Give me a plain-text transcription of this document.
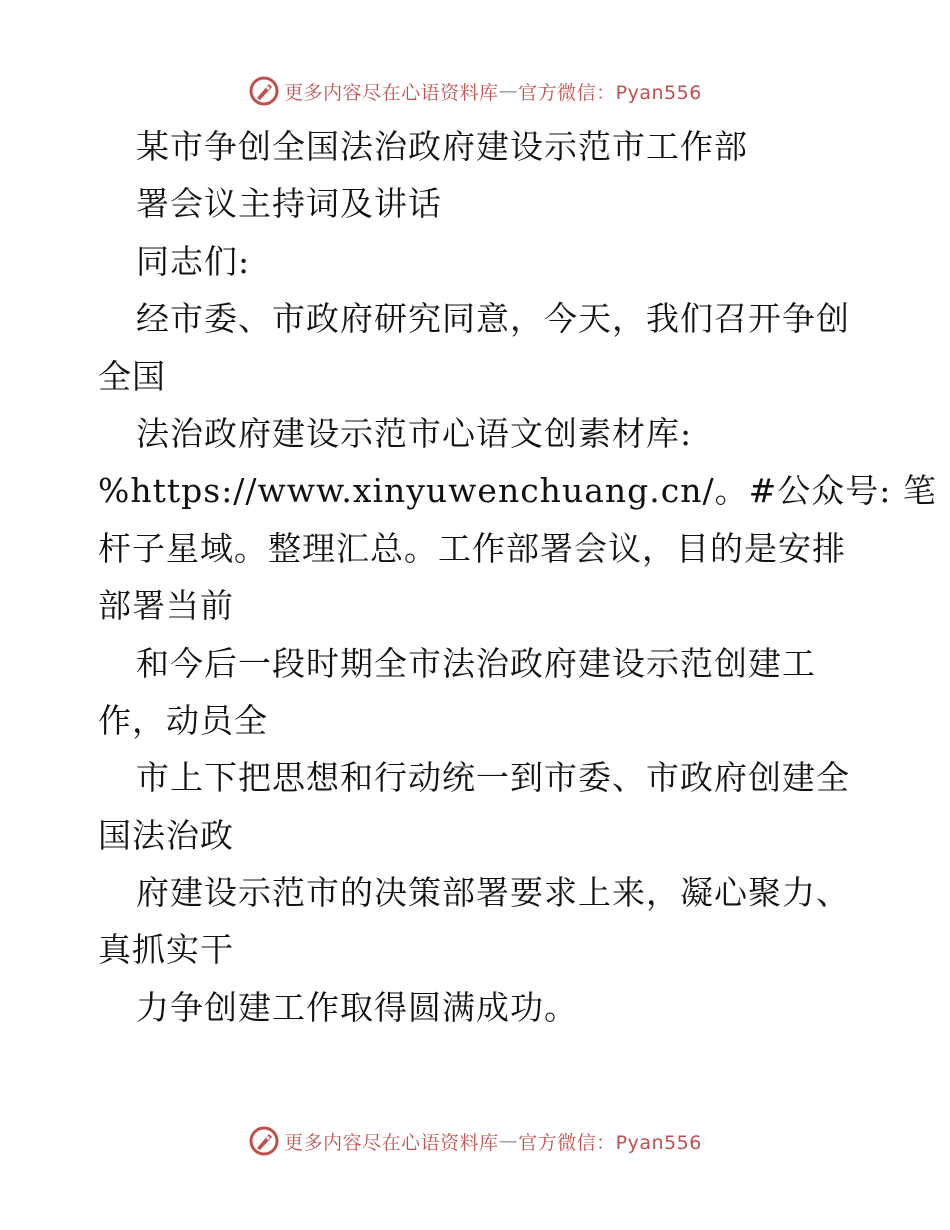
更多内容尽在心语资料库 — 官方微信：Pyan556
某市争创全国法治政府建设示范市工作部
署会议主持词及讲话
同志们:
经市委、市政府研究同意，今天，我们召开争创
全国
法治政府建设示范市心语文创素材库:
%https://www.xinyuwenchuang.cn/。#公众号: 笔
杆子星域。整理汇总。工作部署会议，目的是安排
部署当前
和今后一段时期全市法治政府建设示范创建工
作，动员全
市上下把思想和行动统一到市委、市政府创建全
国法治政
府建设示范市的决策部署要求上来，凝心聚力、
真抓实干
力争创建工作取得圆满成功。
更多内容尽在心语资料库 — 官方微信：Pyan556
